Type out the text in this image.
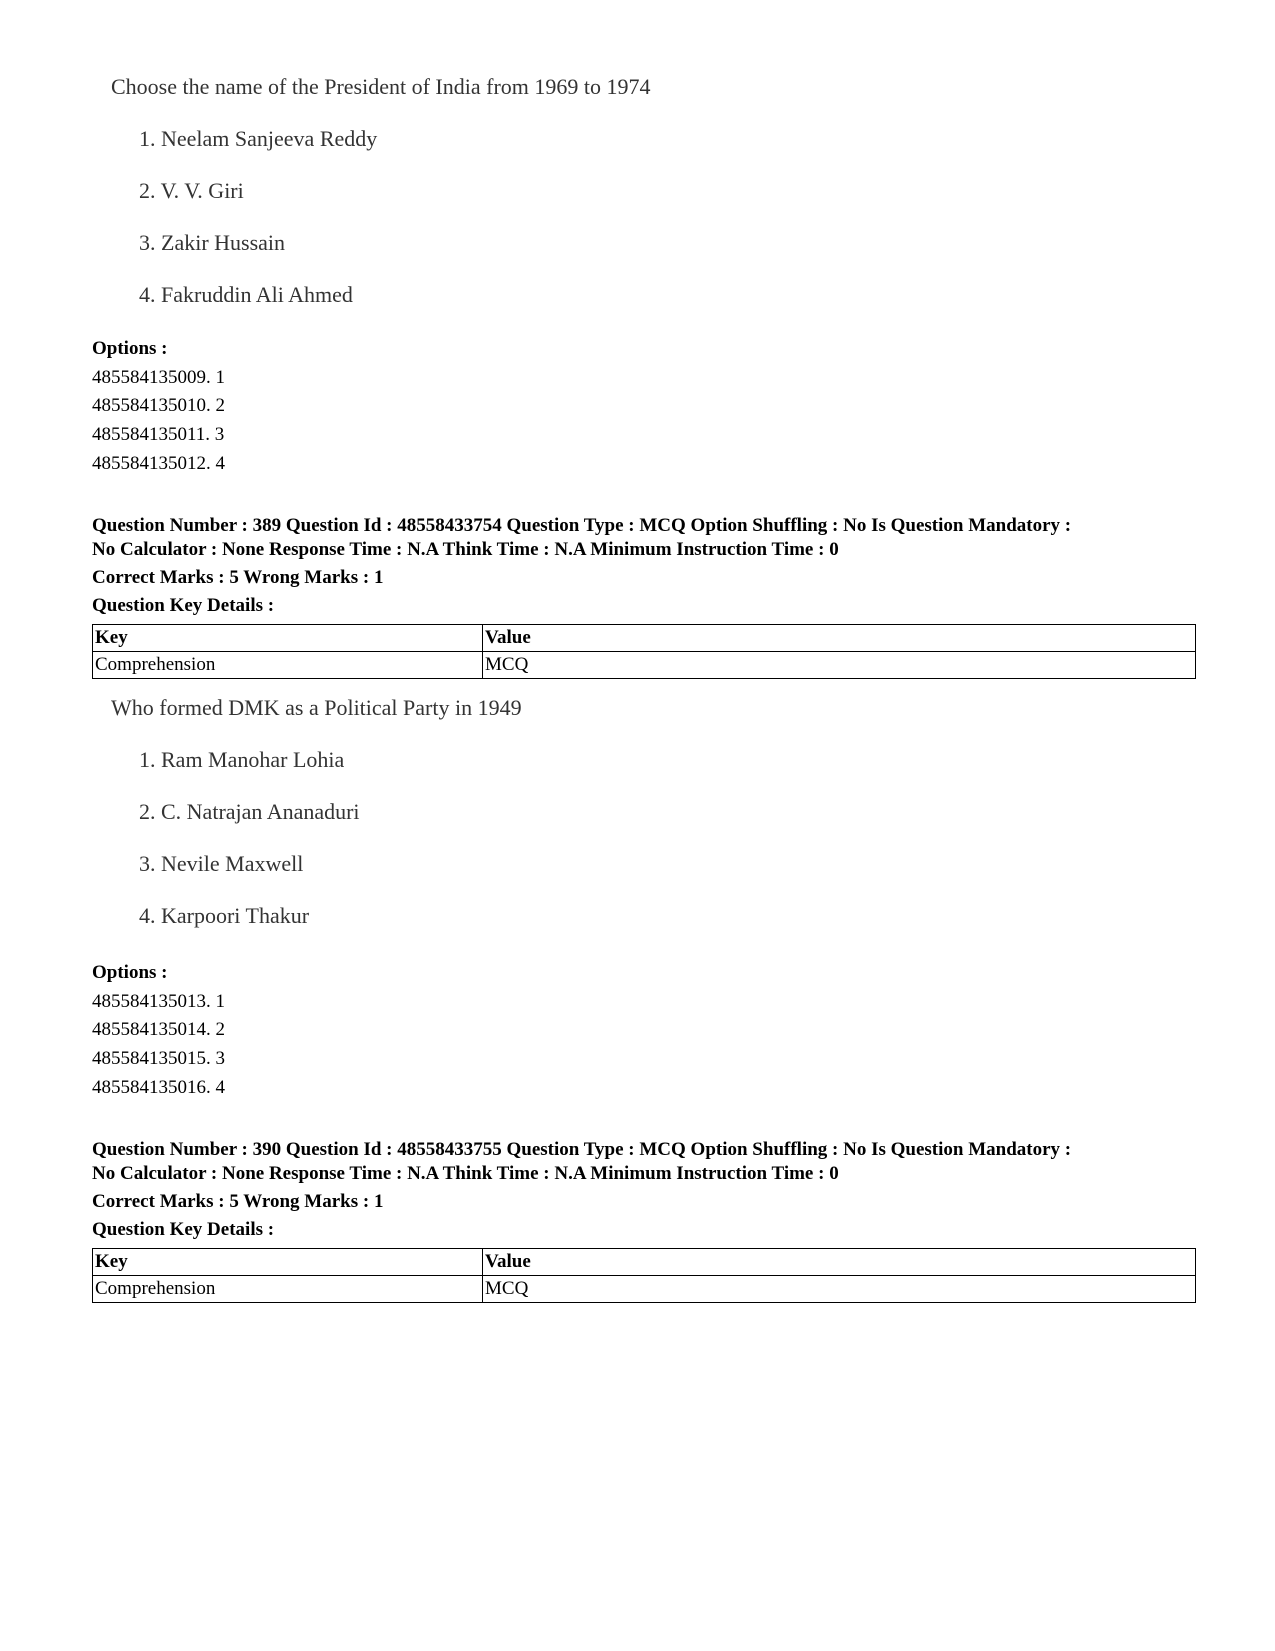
Choose the name of the President of India from 1969 to 1974
1. Neelam Sanjeeva Reddy
2. V. V. Giri
3. Zakir Hussain
4. Fakruddin Ali Ahmed
Options :
485584135009. 1
485584135010. 2
485584135011. 3
485584135012. 4
Question Number : 389 Question Id : 48558433754 Question Type : MCQ Option Shuffling : No Is Question Mandatory :
No Calculator : None Response Time : N.A Think Time : N.A Minimum Instruction Time : 0
Correct Marks : 5 Wrong Marks : 1
Question Key Details :
Key	Value
Comprehension	MCQ
Who formed DMK as a Political Party in 1949
1. Ram Manohar Lohia
2. C. Natrajan Ananaduri
3. Nevile Maxwell
4. Karpoori Thakur
Options :
485584135013. 1
485584135014. 2
485584135015. 3
485584135016. 4
Question Number : 390 Question Id : 48558433755 Question Type : MCQ Option Shuffling : No Is Question Mandatory :
No Calculator : None Response Time : N.A Think Time : N.A Minimum Instruction Time : 0
Correct Marks : 5 Wrong Marks : 1
Question Key Details :
Key	Value
Comprehension	MCQ
